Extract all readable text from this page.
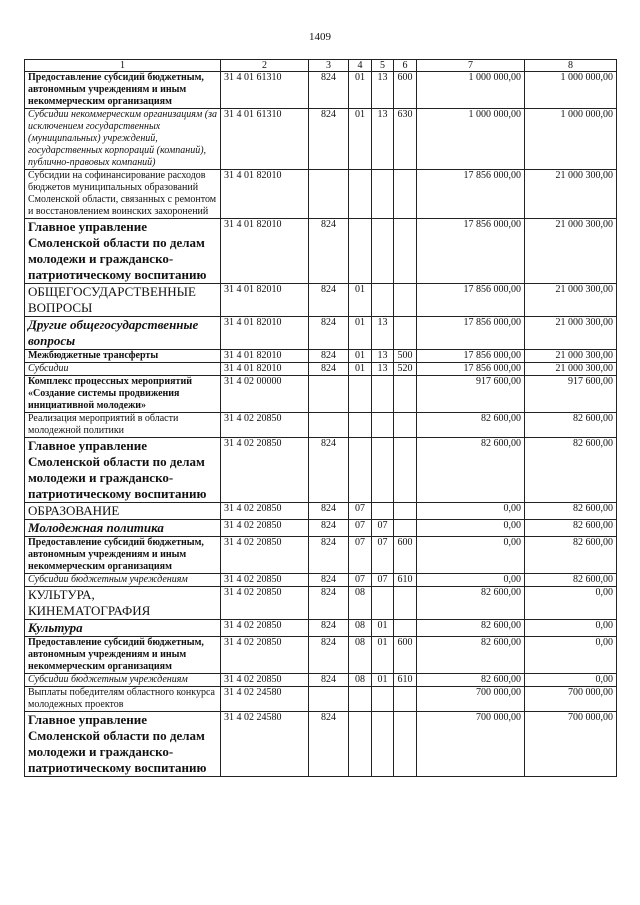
1409
1	2	3	4	5	6	7	8
Предоставление субсидий бюджетным, автономным учреждениям и иным некоммерческим организациям	31 4 01 61310	824	01	13	600	1 000 000,00	1 000 000,00
Субсидии некоммерческим организациям (за исключением государственных (муниципальных) учреждений, государственных корпораций (компаний), публично-правовых компаний)	31 4 01 61310	824	01	13	630	1 000 000,00	1 000 000,00
Субсидии на софинансирование расходов бюджетов муниципальных образований Смоленской области, связанных с ремонтом и восстановлением воинских захоронений	31 4 01 82010					17 856 000,00	21 000 300,00
Главное управление Смоленской области по делам молодежи и гражданско-патриотическому воспитанию	31 4 01 82010	824				17 856 000,00	21 000 300,00
ОБЩЕГОСУДАРСТВЕННЫЕ ВОПРОСЫ	31 4 01 82010	824	01			17 856 000,00	21 000 300,00
Другие общегосударственные вопросы	31 4 01 82010	824	01	13		17 856 000,00	21 000 300,00
Межбюджетные трансферты	31 4 01 82010	824	01	13	500	17 856 000,00	21 000 300,00
Субсидии	31 4 01 82010	824	01	13	520	17 856 000,00	21 000 300,00
Комплекс процессных мероприятий «Создание системы продвижения инициативной молодежи»	31 4 02 00000					917 600,00	917 600,00
Реализация мероприятий в области молодежной политики	31 4 02 20850					82 600,00	82 600,00
Главное управление Смоленской области по делам молодежи и гражданско-патриотическому воспитанию	31 4 02 20850	824				82 600,00	82 600,00
ОБРАЗОВАНИЕ	31 4 02 20850	824	07			0,00	82 600,00
Молодежная политика	31 4 02 20850	824	07	07		0,00	82 600,00
Предоставление субсидий бюджетным, автономным учреждениям и иным некоммерческим организациям	31 4 02 20850	824	07	07	600	0,00	82 600,00
Субсидии бюджетным учреждениям	31 4 02 20850	824	07	07	610	0,00	82 600,00
КУЛЬТУРА, КИНЕМАТОГРАФИЯ	31 4 02 20850	824	08			82 600,00	0,00
Культура	31 4 02 20850	824	08	01		82 600,00	0,00
Предоставление субсидий бюджетным, автономным учреждениям и иным некоммерческим организациям	31 4 02 20850	824	08	01	600	82 600,00	0,00
Субсидии бюджетным учреждениям	31 4 02 20850	824	08	01	610	82 600,00	0,00
Выплаты победителям областного конкурса молодежных проектов	31 4 02 24580					700 000,00	700 000,00
Главное управление Смоленской области по делам молодежи и гражданско-патриотическому воспитанию	31 4 02 24580	824				700 000,00	700 000,00
